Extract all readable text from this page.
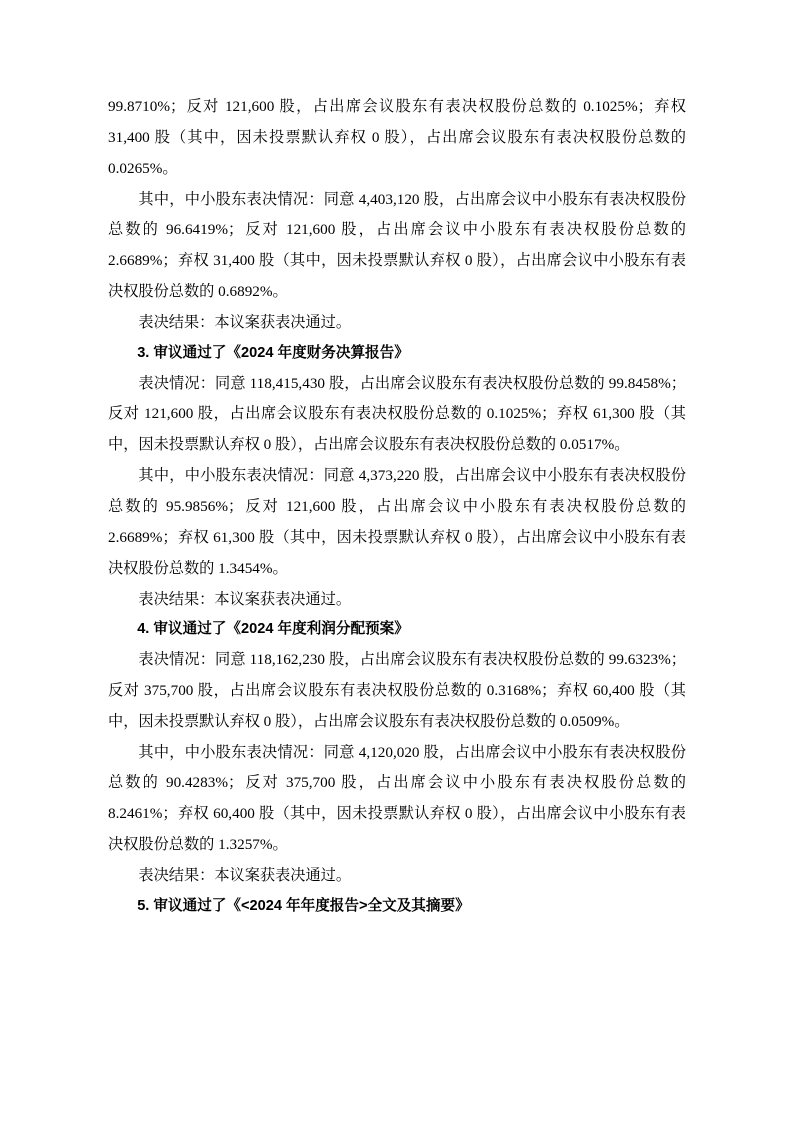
99.8710%；反对 121,600 股，占出席会议股东有表决权股份总数的 0.1025%；弃权 31,400 股（其中，因未投票默认弃权 0 股），占出席会议股东有表决权股份总数的 0.0265%。

其中，中小股东表决情况：同意 4,403,120 股，占出席会议中小股东有表决权股份总数的 96.6419%；反对 121,600 股，占出席会议中小股东有表决权股份总数的 2.6689%；弃权 31,400 股（其中，因未投票默认弃权 0 股），占出席会议中小股东有表决权股份总数的 0.6892%。

表决结果：本议案获表决通过。

3. 审议通过了《2024 年度财务决算报告》

表决情况：同意 118,415,430 股，占出席会议股东有表决权股份总数的 99.8458%；反对 121,600 股，占出席会议股东有表决权股份总数的 0.1025%；弃权 61,300 股（其中，因未投票默认弃权 0 股），占出席会议股东有表决权股份总数的 0.0517%。

其中，中小股东表决情况：同意 4,373,220 股，占出席会议中小股东有表决权股份总数的 95.9856%；反对 121,600 股，占出席会议中小股东有表决权股份总数的 2.6689%；弃权 61,300 股（其中，因未投票默认弃权 0 股），占出席会议中小股东有表决权股份总数的 1.3454%。

表决结果：本议案获表决通过。

4. 审议通过了《2024 年度利润分配预案》

表决情况：同意 118,162,230 股，占出席会议股东有表决权股份总数的 99.6323%；反对 375,700 股，占出席会议股东有表决权股份总数的 0.3168%；弃权 60,400 股（其中，因未投票默认弃权 0 股），占出席会议股东有表决权股份总数的 0.0509%。

其中，中小股东表决情况：同意 4,120,020 股，占出席会议中小股东有表决权股份总数的 90.4283%；反对 375,700 股，占出席会议中小股东有表决权股份总数的 8.2461%；弃权 60,400 股（其中，因未投票默认弃权 0 股），占出席会议中小股东有表决权股份总数的 1.3257%。

表决结果：本议案获表决通过。

5. 审议通过了《<2024 年年度报告>全文及其摘要》
